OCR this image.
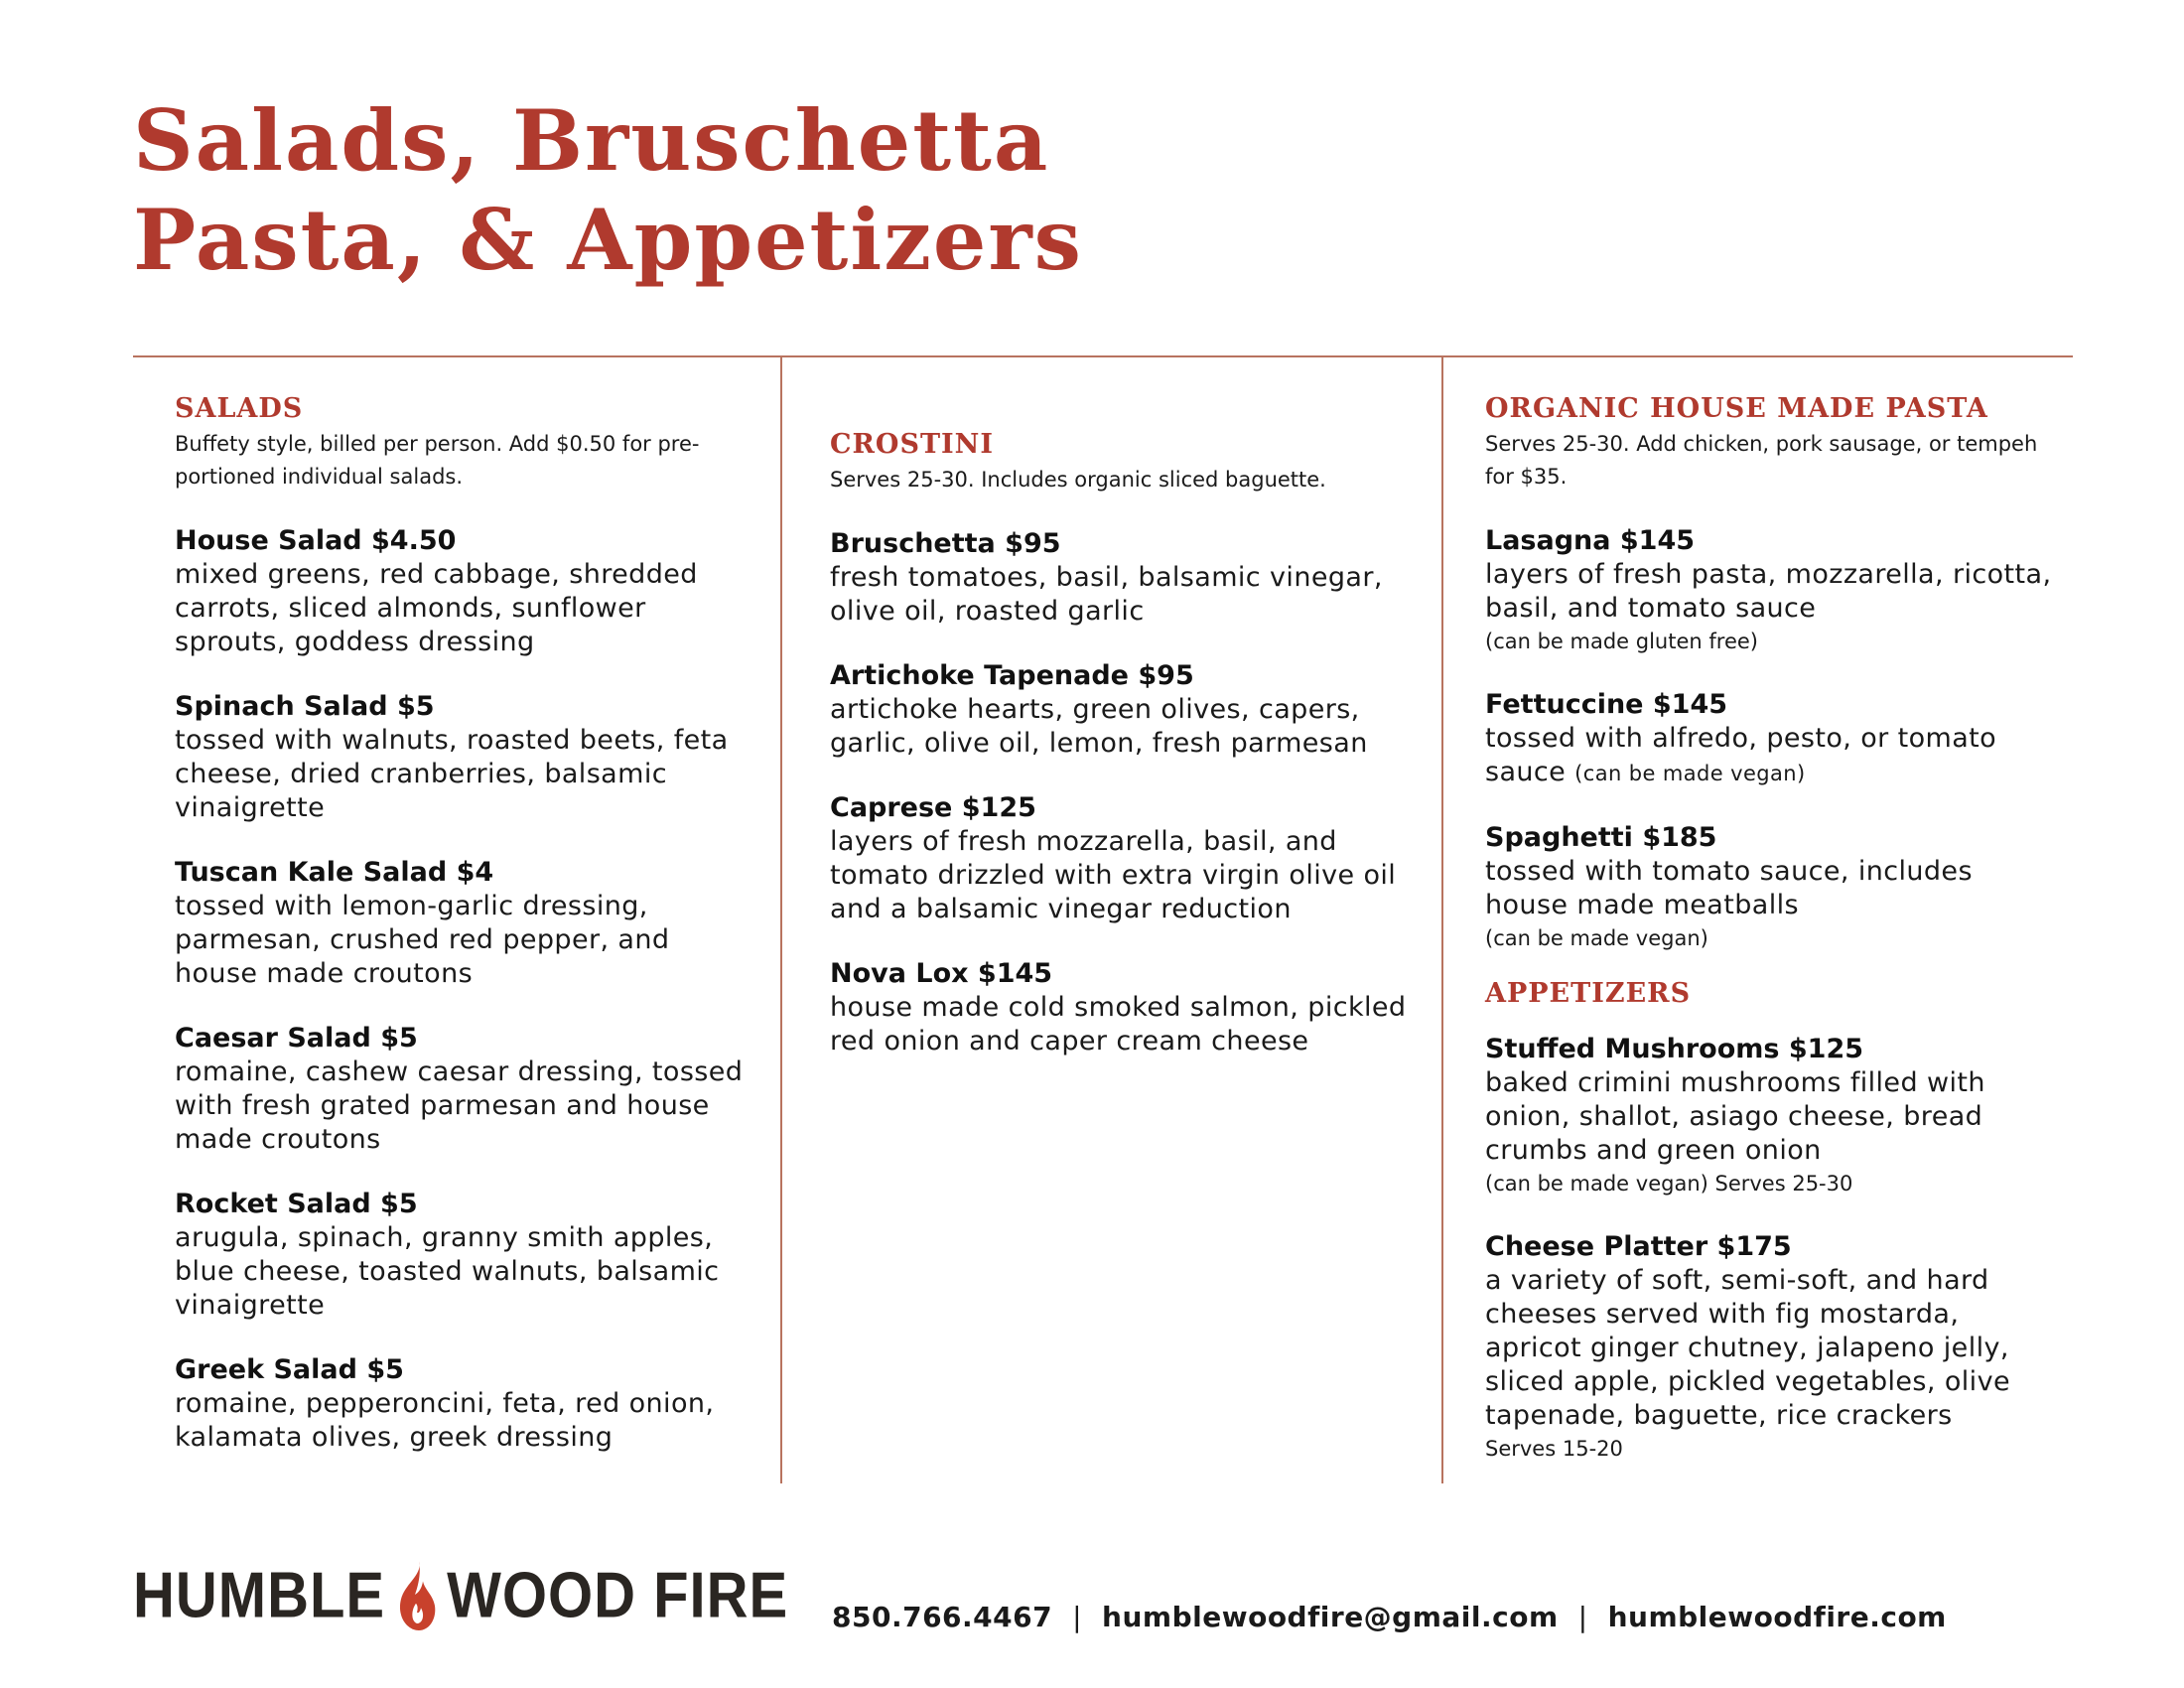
Salads, Bruschetta
Pasta, & Appetizers
SALADS

Buffety style, billed per person. Add $0.50 for pre-portioned individual salads.

House Salad $4.50
mixed greens, red cabbage, shredded carrots, sliced almonds, sunflower sprouts, goddess dressing
Spinach Salad $5
tossed with walnuts, roasted beets, feta cheese, dried cranberries, balsamic vinaigrette
Tuscan Kale Salad $4
tossed with lemon-garlic dressing, parmesan, crushed red pepper, and house made croutons
Caesar Salad $5
romaine, cashew caesar dressing, tossed with fresh grated parmesan and house made croutons
Rocket Salad $5
arugula, spinach, granny smith apples, blue cheese, toasted walnuts, balsamic vinaigrette
Greek Salad $5
romaine, pepperoncini, feta, red onion, kalamata olives, greek dressing
CROSTINI

Serves 25-30. Includes organic sliced baguette.

Bruschetta $95
fresh tomatoes, basil, balsamic vinegar, olive oil, roasted garlic
Artichoke Tapenade $95
artichoke hearts, green olives, capers, garlic, olive oil, lemon, fresh parmesan
Caprese $125
layers of fresh mozzarella, basil, and tomato drizzled with extra virgin olive oil and a balsamic vinegar reduction
Nova Lox $145
house made cold smoked salmon, pickled red onion and caper cream cheese
ORGANIC HOUSE MADE PASTA

Serves 25-30. Add chicken, pork sausage, or tempeh for $35.

Lasagna $145
layers of fresh pasta, mozzarella, ricotta, basil, and tomato sauce
(can be made gluten free)
Fettuccine $145
tossed with alfredo, pesto, or tomato sauce (can be made vegan)
Spaghetti $185
tossed with tomato sauce, includes house made meatballs
(can be made vegan)
APPETIZERS
Stuffed Mushrooms $125
baked crimini mushrooms filled with onion, shallot, asiago cheese, bread crumbs and green onion
(can be made vegan) Serves 25-30
Cheese Platter $175
a variety of soft, semi-soft, and hard cheeses served with fig mostarda, apricot ginger chutney, jalapeno jelly, sliced apple, pickled vegetables, olive tapenade, baguette, rice crackers
Serves 15-20
HUMBLE WOOD FIRE 850.766.4467 | humblewoodfire@gmail.com | humblewoodfire.com
